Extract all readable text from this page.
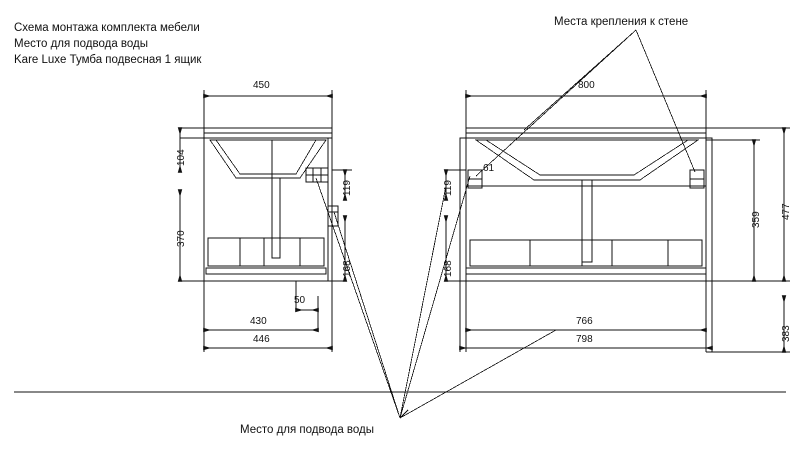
Схема монтажа комплекта мебели
Место для подвода воды
Kare Luxe Тумба подвесная 1 ящик
Места крепления к стене
Место для подвода воды
450
104
370
119
168
50
430
446
800
61
119
168
359 477
383
766
798
